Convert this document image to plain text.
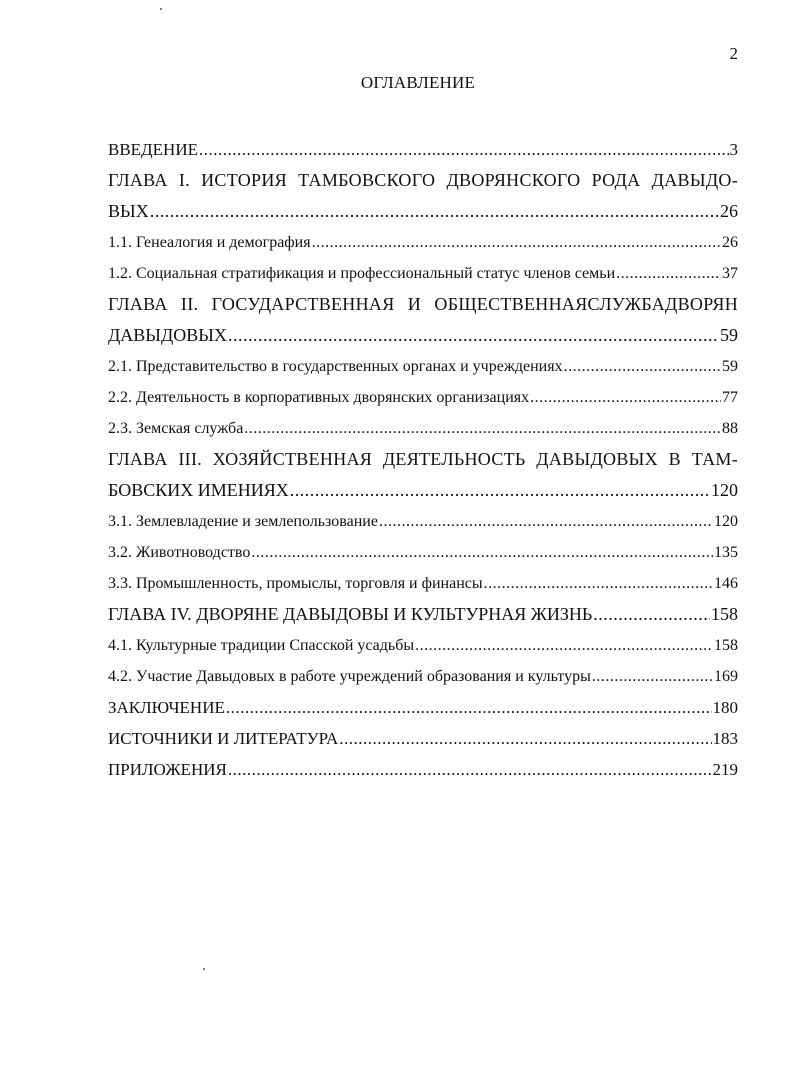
2
ОГЛАВЛЕНИЕ
ВВЕДЕНИЕ .....	3
ГЛАВА I. ИСТОРИЯ ТАМБОВСКОГО ДВОРЯНСКОГО РОДА ДАВЫДО-
ВЫХ .....	26
1.1. Генеалогия и демография .....	26
1.2. Социальная стратификация и профессиональный статус членов семьи .....	37
ГЛАВА II. ГОСУДАРСТВЕННАЯ И ОБЩЕСТВЕННАЯСЛУЖБАДВОРЯН
ДАВЫДОВЫХ .....	59
2.1. Представительство в государственных органах и учреждениях .....	59
2.2. Деятельность в корпоративных дворянских организациях .....	77
2.3. Земская служба .....	88
ГЛАВА III. ХОЗЯЙСТВЕННАЯ ДЕЯТЕЛЬНОСТЬ ДАВЫДОВЫХ В ТАМ-
БОВСКИХ ИМЕНИЯХ .....	120
3.1. Землевладение и землепользование .....	120
3.2. Животноводство .....	135
3.3. Промышленность, промыслы, торговля и финансы .....	146
ГЛАВА IV. ДВОРЯНЕ ДАВЫДОВЫ И КУЛЬТУРНАЯ ЖИЗНЬ .....	158
4.1. Культурные традиции Спасской усадьбы .....	158
4.2. Участие Давыдовых в работе учреждений образования и культуры .....	169
ЗАКЛЮЧЕНИЕ .....	180
ИСТОЧНИКИ И ЛИТЕРАТУРА .....	183
ПРИЛОЖЕНИЯ .....	219
